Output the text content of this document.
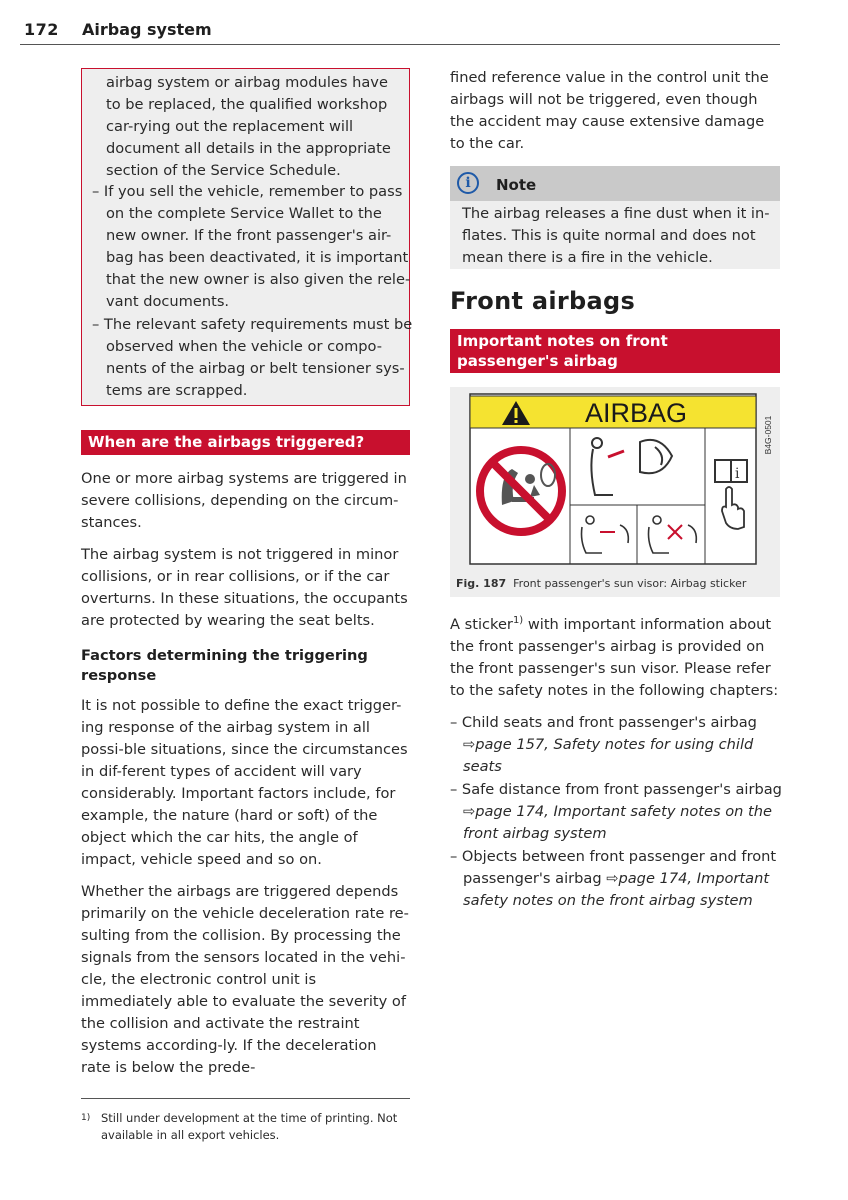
172 Airbag system

airbag system or airbag modules have to be replaced, the qualified workshop car-rying out the replacement will document all details in the appropriate section of the Service Schedule.

– If you sell the vehicle, remember to pass on the complete Service Wallet to the new owner. If the front passenger's air-bag has been deactivated, it is important that the new owner is also given the rele-vant documents.

– The relevant safety requirements must be observed when the vehicle or compo-nents of the airbag or belt tensioner sys-tems are scrapped.

When are the airbags triggered?
One or more airbag systems are triggered in severe collisions, depending on the circum-stances.
The airbag system is not triggered in minor collisions, or in rear collisions, or if the car overturns. In these situations, the occupants are protected by wearing the seat belts.
Factors determining the triggering response
It is not possible to define the exact trigger-ing response of the airbag system in all possi-ble situations, since the circumstances in dif-ferent types of accident will vary considerably. Important factors include, for example, the nature (hard or soft) of the object which the car hits, the angle of impact, vehicle speed and so on.
Whether the airbags are triggered depends primarily on the vehicle deceleration rate re-sulting from the collision. By processing the signals from the sensors located in the vehi-cle, the electronic control unit is immediately able to evaluate the severity of the collision and activate the restraint systems according-ly. If the deceleration rate is below the prede-
fined reference value in the control unit the airbags will not be triggered, even though the accident may cause extensive damage to the car.
i	Note
The airbag releases a fine dust when it in-flates. This is quite normal and does not mean there is a fire in the vehicle.
Front airbags
Important notes on front passenger's airbag
AIRBAG
i
B4G-0501
Fig. 187 Front passenger's sun visor: Airbag sticker
A sticker$^{1)}$ with important information about the front passenger's airbag is provided on the front passenger's sun visor. Please refer to the safety notes in the following chapters:
– Child seats and front passenger's airbag
⇨page 157, Safety notes for using child seats
– Safe distance from front passenger's airbag
⇨page 174, Important safety notes on the front airbag system
– Objects between front passenger and front passenger's airbag ⇨page 174, Important safety notes on the front airbag system
1) Still under development at the time of printing. Not available in all export vehicles.
